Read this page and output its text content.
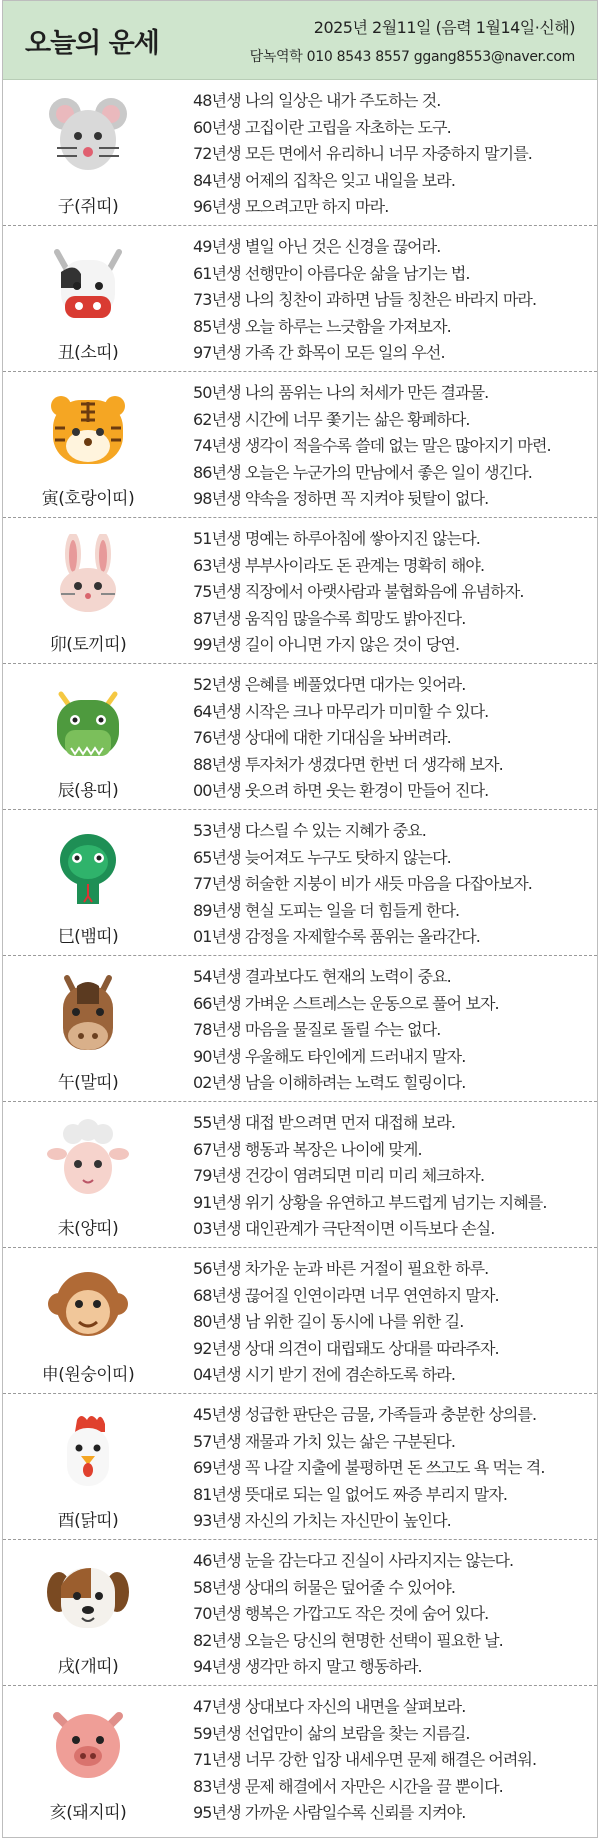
오늘의 운세
2025년 2월11일 (음력 1월14일·신해)
담녹역학 010 8543 8557 ggang8553@naver.com
子(쥐띠)
48년생 나의 일상은 내가 주도하는 것.
60년생 고집이란 고립을 자초하는 도구.
72년생 모든 면에서 유리하니 너무 자중하지 말기를.
84년생 어제의 집착은 잊고 내일을 보라.
96년생 모으려고만 하지 마라.
丑(소띠)
49년생 별일 아닌 것은 신경을 끊어라.
61년생 선행만이 아름다운 삶을 남기는 법.
73년생 나의 칭찬이 과하면 남들 칭찬은 바라지 마라.
85년생 오늘 하루는 느긋함을 가져보자.
97년생 가족 간 화목이 모든 일의 우선.
寅(호랑이띠)
50년생 나의 품위는 나의 처세가 만든 결과물.
62년생 시간에 너무 쫓기는 삶은 황폐하다.
74년생 생각이 적을수록 쓸데 없는 말은 많아지기 마련.
86년생 오늘은 누군가의 만남에서 좋은 일이 생긴다.
98년생 약속을 정하면 꼭 지켜야 뒷탈이 없다.
卯(토끼띠)
51년생 명예는 하루아침에 쌓아지진 않는다.
63년생 부부사이라도 돈 관계는 명확히 해야.
75년생 직장에서 아랫사람과 불협화음에 유념하자.
87년생 움직임 많을수록 희망도 밝아진다.
99년생 길이 아니면 가지 않은 것이 당연.
辰(용띠)
52년생 은혜를 베풀었다면 대가는 잊어라.
64년생 시작은 크나 마무리가 미미할 수 있다.
76년생 상대에 대한 기대심을 놔버려라.
88년생 투자처가 생겼다면 한번 더 생각해 보자.
00년생 웃으려 하면 웃는 환경이 만들어 진다.
巳(뱀띠)
53년생 다스릴 수 있는 지혜가 중요.
65년생 늦어져도 누구도 탓하지 않는다.
77년생 허술한 지붕이 비가 새듯 마음을 다잡아보자.
89년생 현실 도피는 일을 더 힘들게 한다.
01년생 감정을 자제할수록 품위는 올라간다.
午(말띠)
54년생 결과보다도 현재의 노력이 중요.
66년생 가벼운 스트레스는 운동으로 풀어 보자.
78년생 마음을 물질로 돌릴 수는 없다.
90년생 우울해도 타인에게 드러내지 말자.
02년생 남을 이해하려는 노력도 힐링이다.
未(양띠)
55년생 대접 받으려면 먼저 대접해 보라.
67년생 행동과 복장은 나이에 맞게.
79년생 건강이 염려되면 미리 미리 체크하자.
91년생 위기 상황을 유연하고 부드럽게 넘기는 지혜를.
03년생 대인관계가 극단적이면 이득보다 손실.
申(원숭이띠)
56년생 차가운 눈과 바른 거절이 필요한 하루.
68년생 끊어질 인연이라면 너무 연연하지 말자.
80년생 남 위한 길이 동시에 나를 위한 길.
92년생 상대 의견이 대립돼도 상대를 따라주자.
04년생 시기 받기 전에 겸손하도록 하라.
酉(닭띠)
45년생 성급한 판단은 금물, 가족들과 충분한 상의를.
57년생 재물과 가치 있는 삶은 구분된다.
69년생 꼭 나갈 지출에 불평하면 돈 쓰고도 욕 먹는 격.
81년생 뜻대로 되는 일 없어도 짜증 부리지 말자.
93년생 자신의 가치는 자신만이 높인다.
戌(개띠)
46년생 눈을 감는다고 진실이 사라지지는 않는다.
58년생 상대의 허물은 덮어줄 수 있어야.
70년생 행복은 가깝고도 작은 것에 숨어 있다.
82년생 오늘은 당신의 현명한 선택이 필요한 날.
94년생 생각만 하지 말고 행동하라.
亥(돼지띠)
47년생 상대보다 자신의 내면을 살펴보라.
59년생 선업만이 삶의 보람을 찾는 지름길.
71년생 너무 강한 입장 내세우면 문제 해결은 어려워.
83년생 문제 해결에서 자만은 시간을 끌 뿐이다.
95년생 가까운 사람일수록 신뢰를 지켜야.
